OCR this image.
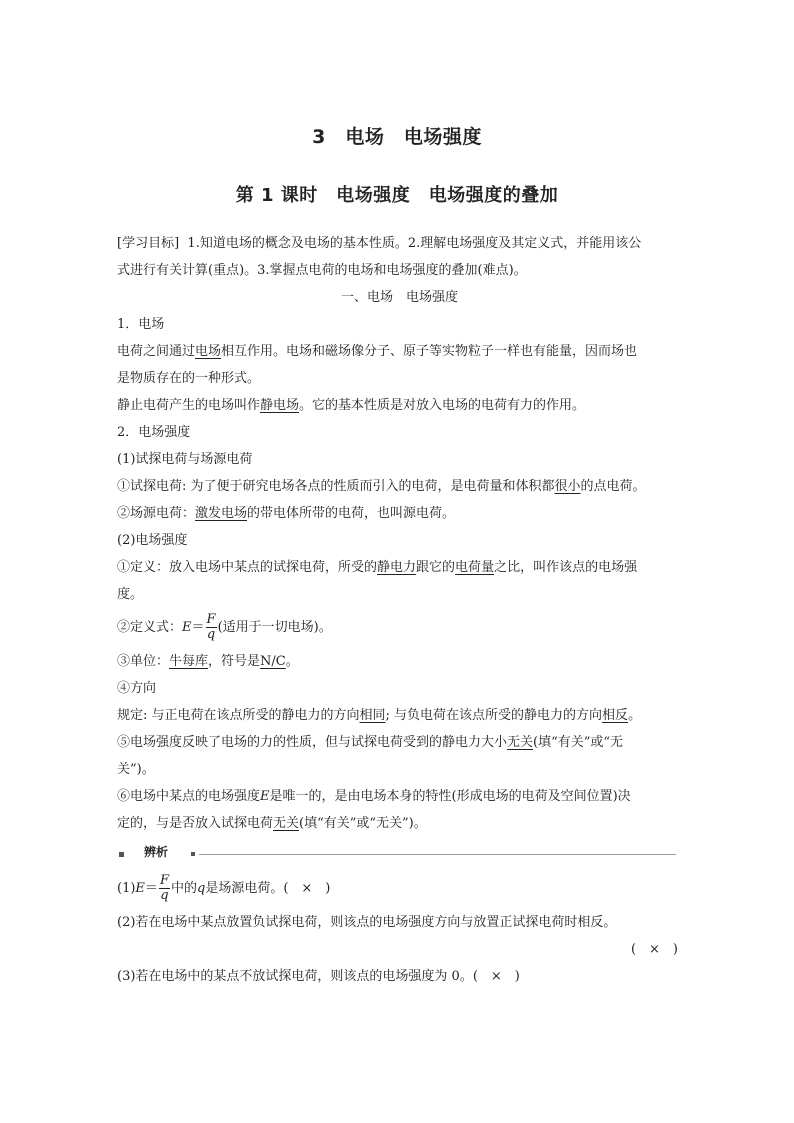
3　电场　电场强度
第 1 课时　电场强度　电场强度的叠加
[学习目标] 1.知道电场的概念及电场的基本性质。2.理解电场强度及其定义式，并能用该公
式进行有关计算(重点)。3.掌握点电荷的电场和电场强度的叠加(难点)。
一、电场　电场强度
1．电场
电荷之间通过电场相互作用。电场和磁场像分子、原子等实物粒子一样也有能量，因而场也
是物质存在的一种形式。
静止电荷产生的电场叫作静电场。它的基本性质是对放入电场的电荷有力的作用。
2．电场强度
(1)试探电荷与场源电荷
①试探电荷: 为了便于研究电场各点的性质而引入的电荷，是电荷量和体积都很小的点电荷。
②场源电荷：激发电场的带电体所带的电荷，也叫源电荷。
(2)电场强度
①定义：放入电场中某点的试探电荷，所受的静电力跟它的电荷量之比，叫作该点的电场强
度。
②定义式：$E= \frac{F}{q}$ (适用于一切电场)。
③单位：牛每库，符号是N/C。
④方向
规定: 与正电荷在该点所受的静电力的方向相同; 与负电荷在该点所受的静电力的方向相反。
⑤电场强度反映了电场的力的性质，但与试探电荷受到的静电力大小无关(填“有关”或“无
关”)。
⑥电场中某点的电场强度E是唯一的，是由电场本身的特性(形成电场的电荷及空间位置)决
定的，与是否放入试探电荷无关(填“有关”或“无关”)。
辨析
$(1)E= \frac{F}{q}$ 中的q是场源电荷。(　×　)
(2)若在电场中某点放置负试探电荷，则该点的电场强度方向与放置正试探电荷时相反。
(　×　)
(3)若在电场中的某点不放试探电荷，则该点的电场强度为 0。(　×　)
